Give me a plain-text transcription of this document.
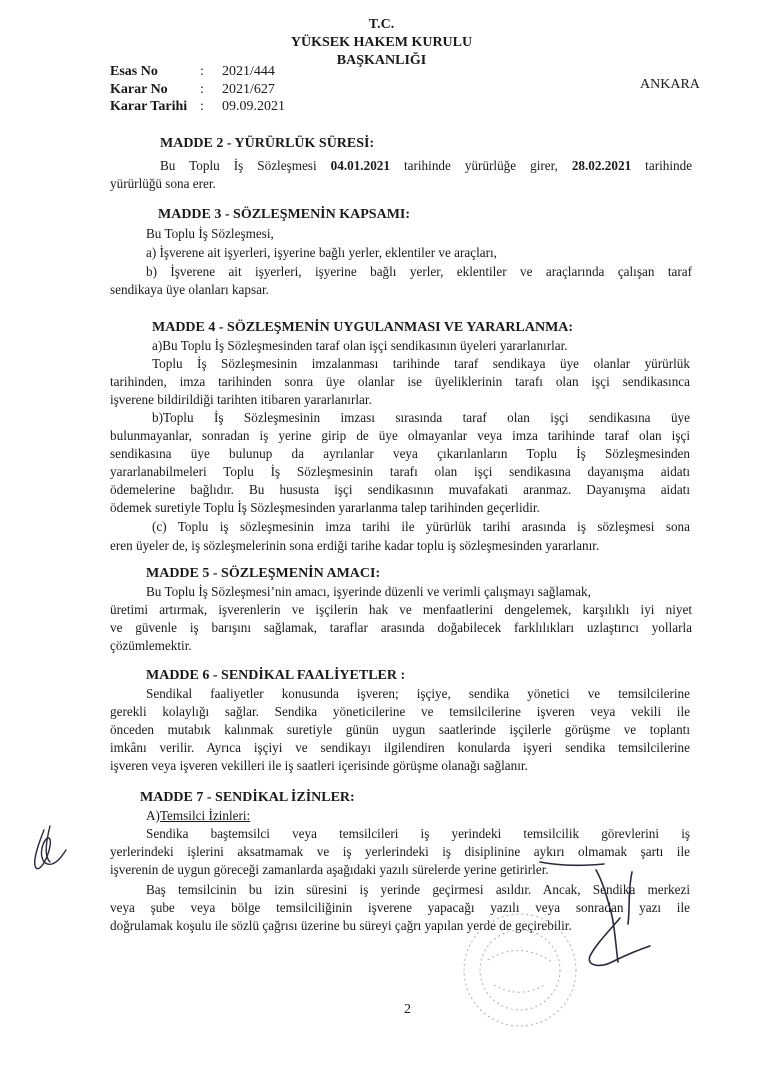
T.C.
YÜKSEK HAKEM KURULU
BAŞKANLIĞI
Esas No	:	2021/444
Karar No	:	2021/627
Karar Tarihi :	09.09.2021
ANKARA
MADDE 2 - YÜRÜRLÜK SÜRESİ:
Bu Toplu İş Sözleşmesi 04.01.2021 tarihinde yürürlüğe girer, 28.02.2021 tarihinde
yürürlüğü sona erer.
MADDE 3 - SÖZLEŞMENİN KAPSAMI:
Bu Toplu İş Sözleşmesi,
a) İşverene ait işyerleri, işyerine bağlı yerler, eklentiler ve araçları,
b) İşverene ait işyerleri, işyerine bağlı yerler, eklentiler ve araçlarında çalışan taraf
sendikaya üye olanları kapsar.
MADDE 4 - SÖZLEŞMENİN UYGULANMASI VE YARARLANMA:
a)Bu Toplu İş Sözleşmesinden taraf olan işçi sendikasının üyeleri yararlanırlar.
Toplu İş Sözleşmesinin imzalanması tarihinde taraf sendikaya üye olanlar yürürlük
tarihinden, imza tarihinden sonra üye olanlar ise üyeliklerinin tarafı olan işçi sendikasınca
işverene bildirildiği tarihten itibaren yararlanırlar.
b)Toplu İş Sözleşmesinin imzası sırasında taraf olan işçi sendikasına üye
bulunmayanlar, sonradan iş yerine girip de üye olmayanlar veya imza tarihinde taraf olan işçi
sendikasına üye bulunup da ayrılanlar veya çıkarılanların Toplu İş Sözleşmesinden
yararlanabilmeleri Toplu İş Sözleşmesinin tarafı olan işçi sendikasına dayanışma aidatı
ödemelerine bağlıdır. Bu hususta işçi sendikasının muvafakati aranmaz. Dayanışma aidatı
ödemek suretiyle Toplu İş Sözleşmesinden yararlanma talep tarihinden geçerlidir.
(c) Toplu iş sözleşmesinin imza tarihi ile yürürlük tarihi arasında iş sözleşmesi sona
eren üyeler de, iş sözleşmelerinin sona erdiği tarihe kadar toplu iş sözleşmesinden yararlanır.
MADDE 5 - SÖZLEŞMENİN AMACI:
Bu Toplu İş Sözleşmesi’nin amacı, işyerinde düzenli ve verimli çalışmayı sağlamak,
üretimi artırmak, işverenlerin ve işçilerin hak ve menfaatlerini dengelemek, karşılıklı iyi niyet
ve güvenle iş barışını sağlamak, taraflar arasında doğabilecek farklılıkları uzlaştırıcı yollarla
çözümlemektir.
MADDE 6 - SENDİKAL FAALİYETLER :
Sendikal faaliyetler konusunda işveren; işçiye, sendika yönetici ve temsilcilerine
gerekli kolaylığı sağlar. Sendika yöneticilerine ve temsilcilerine işveren veya vekili ile
önceden mutabık kalınmak suretiyle günün uygun saatlerinde işçilerle görüşme ve toplantı
imkânı verilir. Ayrıca işçiyi ve sendikayı ilgilendiren konularda işyeri sendika temsilcilerine
işveren veya işveren vekilleri ile iş saatleri içerisinde görüşme olanağı sağlanır.
MADDE 7 - SENDİKAL İZİNLER:
A)Temsilci İzinleri:
Sendika baştemsilci veya temsilcileri iş yerindeki temsilcilik görevlerini iş
yerlerindeki işlerini aksatmamak ve iş yerlerindeki iş disiplinine aykırı olmamak şartı ile
işverenin de uygun göreceği zamanlarda aşağıdaki yazılı sürelerde yerine getirirler.
Baş temsilcinin bu izin süresini iş yerinde geçirmesi asıldır. Ancak, Sendika merkezi
veya şube veya bölge temsilciliğinin işverene yapacağı yazılı veya sonradan yazı ile
doğrulamak koşulu ile sözlü çağrısı üzerine bu süreyi çağrı yapılan yerde de geçirebilir.
2
